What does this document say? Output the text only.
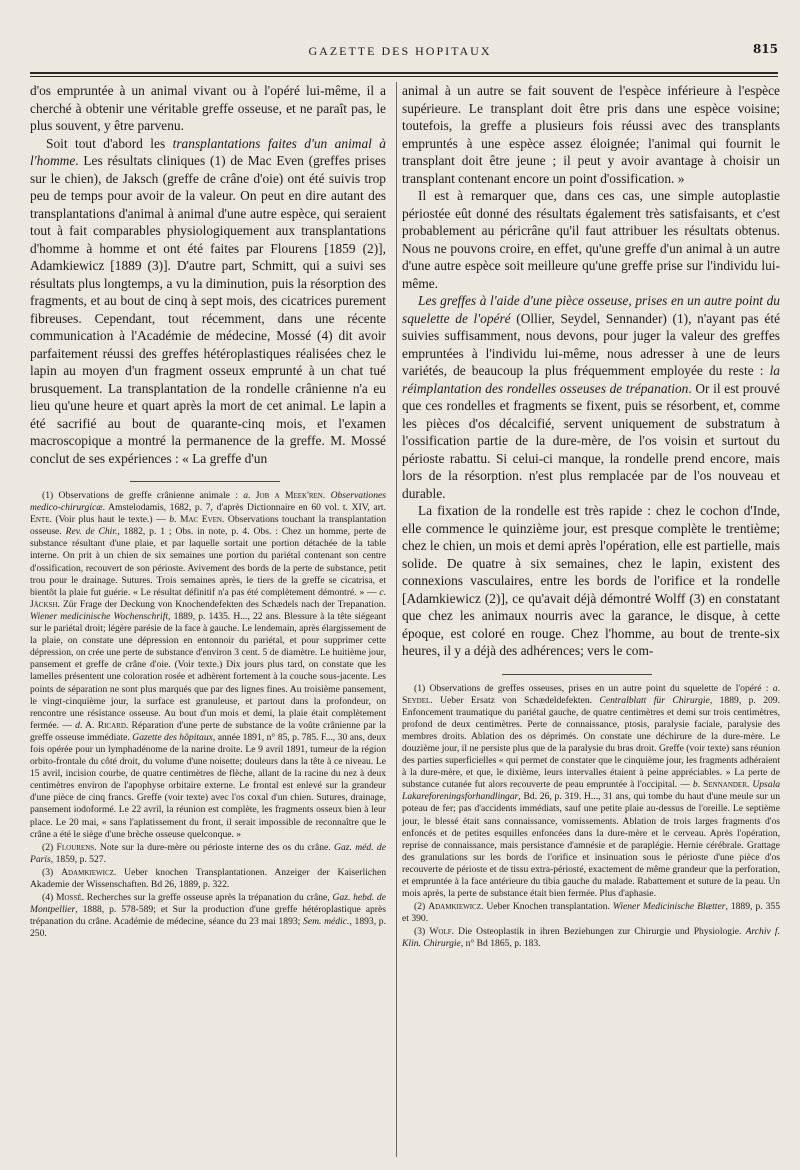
GAZETTE DES HOPITAUX	815

d'os empruntée à un animal vivant ou à l'opéré lui-même, il a cherché à obtenir une véritable greffe osseuse, et ne paraît pas, le plus souvent, y être parvenu.

Soit tout d'abord les transplantations faites d'un animal à l'homme. Les résultats cliniques (1) de Mac Even (greffes prises sur le chien), de Jaksch (greffe de crâne d'oie) ont été suivis trop peu de temps pour avoir de la valeur. On peut en dire autant des transplantations d'animal à animal d'une autre espèce, qui seraient tout à fait comparables physiologiquement aux transplantations d'homme à homme et ont été faites par Flourens [1859 (2)], Adamkiewicz [1889 (3)]. D'autre part, Schmitt, qui a suivi ses résultats plus longtemps, a vu la diminution, puis la résorption des fragments, et au bout de cinq à sept mois, des cicatrices purement fibreuses. Cependant, tout récemment, dans une récente communication à l'Académie de médecine, Mossé (4) dit avoir parfaitement réussi des greffes hétéroplastiques réalisées chez le lapin au moyen d'un fragment osseux emprunté à un chat tué brusquement. La transplantation de la rondelle crânienne n'a eu lieu qu'une heure et quart après la mort de cet animal. Le lapin a été sacrifié au bout de quarante-cinq mois, et l'examen macroscopique a montré la permanence de la greffe. M. Mossé conclut de ses expériences : « La greffe d'un

(1) Observations de greffe crânienne animale : a. Job a Meek'ren. Observationes medico-chirurgicæ. Amstelodamis, 1682, p. 7, d'après Dictionnaire en 60 vol. t. XIV, art. Ente. (Voir plus haut le texte.) — b. Mac Even. Observations touchant la transplantation osseuse. Rev. de Chir., 1882, p. 1 ; Obs. in note, p. 4. Obs. : Chez un homme, perte de substance résultant d'une plaie, et par laquelle sortait une portion détachée de la table interne. On prit à un chien de six semaines une portion du pariétal contenant son centre d'ossification, recouvert de son périoste. Avivement des bords de la perte de substance, petit trou pour le drainage. Sutures. Trois semaines après, le tiers de la greffe se cicatrisa, et bientôt la plaie fut guérie. « Le résultat définitif n'a pas été complètement démontré. » — c. Jäcksh. Zür Frage der Deckung von Knochendefekten des Schædels nach der Trepanation. Wiener medicinische Wochenschrift, 1889, p. 1435. H..., 22 ans. Blessure à la tête siégeant sur le pariétal droit; légère parésie de la face à gauche. Le lendemain, après élargissement de la plaie, on constate une dépression en entonnoir du pariétal, et pour supprimer cette dépression, on crée une perte de substance d'environ 3 cent. 5 de diamètre. Le huitième jour, pansement et greffe de crâne d'oie. (Voir texte.) Dix jours plus tard, on constate que les lamelles présentent une coloration rosée et adhèrent fortement à la couche sous-jacente. Les points de séparation ne sont plus marqués que par des lignes fines. Au troisième pansement, le vingt-cinquième jour, la surface est granuleuse, et partout dans la profondeur, on rencontre une résistance osseuse. Au bout d'un mois et demi, la plaie était complètement fermée. — d. A. Ricard. Réparation d'une perte de substance de la voûte crânienne par la greffe osseuse immédiate. Gazette des hôpitaux, année 1891, n° 85, p. 785. F..., 30 ans, deux fois opérée pour un lymphadénome de la narine droite. Le 9 avril 1891, tumeur de la région orbito-frontale du côté droit, du volume d'une noisette; douleurs dans la tête à ce niveau. Le 15 avril, incision courbe, de quatre centimètres de flèche, allant de la racine du nez à deux centimètres environ de l'apophyse orbitaire externe. Le frontal est enlevé sur la grandeur d'une pièce de cinq francs. Greffe (voir texte) avec l'os coxal d'un chien. Sutures, drainage, pansement iodoformé. Le 22 avril, la réunion est complète, les fragments osseux bien à leur place. Le 20 mai, « sans l'aplatissement du front, il serait impossible de reconnaître que le crâne a été le siège d'une brèche osseuse quelconque. »

(2) Flourens. Note sur la dure-mère ou périoste interne des os du crâne. Gaz. méd. de Paris, 1859, p. 527.

(3) Adamkiewicz. Ueber knochen Transplantationen. Anzeiger der Kaiserlichen Akademie der Wissenschaften. Bd 26, 1889, p. 322.

(4) Mossé. Recherches sur la greffe osseuse après la trépanation du crâne, Gaz. hebd. de Montpellier, 1888, p. 578-589; et Sur la production d'une greffe hétéroplastique après trépanation du crâne. Académie de médecine, séance du 23 mai 1893; Sem. médic., 1893, p. 250.

animal à un autre se fait souvent de l'espèce inférieure à l'espèce supérieure. Le transplant doit être pris dans une espèce voisine; toutefois, la greffe a plusieurs fois réussi avec des transplants empruntés à une espèce assez éloignée; l'animal qui fournit le transplant doit être jeune ; il peut y avoir avantage à choisir un transplant contenant encore un point d'ossification. »

Il est à remarquer que, dans ces cas, une simple autoplastie périostée eût donné des résultats également très satisfaisants, et c'est probablement au péricrâne qu'il faut attribuer les résultats obtenus. Nous ne pouvons croire, en effet, qu'une greffe d'un animal à un autre d'une autre espèce soit meilleure qu'une greffe prise sur l'individu lui-même.

Les greffes à l'aide d'une pièce osseuse, prises en un autre point du squelette de l'opéré (Ollier, Seydel, Sennander) (1), n'ayant pas été suivies suffisamment, nous devons, pour juger la valeur des greffes empruntées à l'individu lui-même, nous adresser à une de leurs variétés, de beaucoup la plus fréquemment employée du reste : la réimplantation des rondelles osseuses de trépanation. Or il est prouvé que ces rondelles et fragments se fixent, puis se résorbent, et, comme les pièces d'os décalcifié, servent uniquement de substratum à l'ossification partie de la dure-mère, de l'os voisin et surtout du périoste rabattu. Si celui-ci manque, la rondelle prend encore, mais lors de la résorption. n'est plus remplacée par de l'os nouveau et durable.

La fixation de la rondelle est très rapide : chez le cochon d'Inde, elle commence le quinzième jour, est presque complète le trentième; chez le chien, un mois et demi après l'opération, elle est partielle, mais solide. De quatre à six semaines, chez le lapin, existent des connexions vasculaires, entre les bords de l'orifice et la rondelle [Adamkiewicz (2)], ce qu'avait déjà démontré Wolff (3) en constatant que chez les animaux nourris avec la garance, le disque, à cette époque, est coloré en rouge. Chez l'homme, au bout de trente-six heures, il y a déjà des adhérences; vers le com-

(1) Observations de greffes osseuses, prises en un autre point du squelette de l'opéré : a. Seydel. Ueber Ersatz von Schædeldefekten. Centralblatt für Chirurgie, 1889, p. 209. Enfoncement traumatique du pariétal gauche, de quatre centimètres et demi sur trois centimètres, profond de deux centimètres. Perte de connaissance, ptosis, paralysie faciale, paralysie des membres droits. Ablation des os déprimés. On constate une déchirure de la dure-mère. Le douzième jour, il ne persiste plus que de la paralysie du bras droit. Greffe (voir texte) sans réunion des parties superficielles « qui permet de constater que le cinquième jour, les fragments adhéraient à la dure-mère, et que, le dixième, leurs intervalles étaient à peine appréciables. » La perte de substance cutanée fut alors recouverte de peau empruntée à l'occipital. — b. Sennander. Upsala Lakareforeningsforhandlingar, Bd. 26, p. 319. H..., 31 ans, qui tombe du haut d'une meule sur un poteau de fer; pas d'accidents immédiats, sauf une petite plaie au-dessus de l'oreille. Le septième jour, le blessé était sans connaissance, vomissements. Ablation de trois larges fragments d'os enfoncés et de petites esquilles enfoncées dans la dure-mère et le cerveau. Après l'opération, reprise de connaissance, mais persistance d'amnésie et de paraplégie. Hernie cérébrale. Grattage des granulations sur les bords de l'orifice et insinuation sous le périoste d'une pièce d'os recouverte de périoste et de tissu extra-périosté, exactement de même grandeur que la perforation, et empruntée à la face antérieure du tibia gauche du malade. Rabattement et suture de la peau. Un mois après, la perte de substance était bien fermée. Plus d'aphasie.

(2) Adamkiewicz. Ueber Knochen transplantation. Wiener Medicinische Blætter, 1889, p. 355 et 390.

(3) Wolf. Die Osteoplastik in ihren Beziehungen zur Chirurgie und Physiologie. Archiv f. Klin. Chirurgie, n° Bd 1865, p. 183.
